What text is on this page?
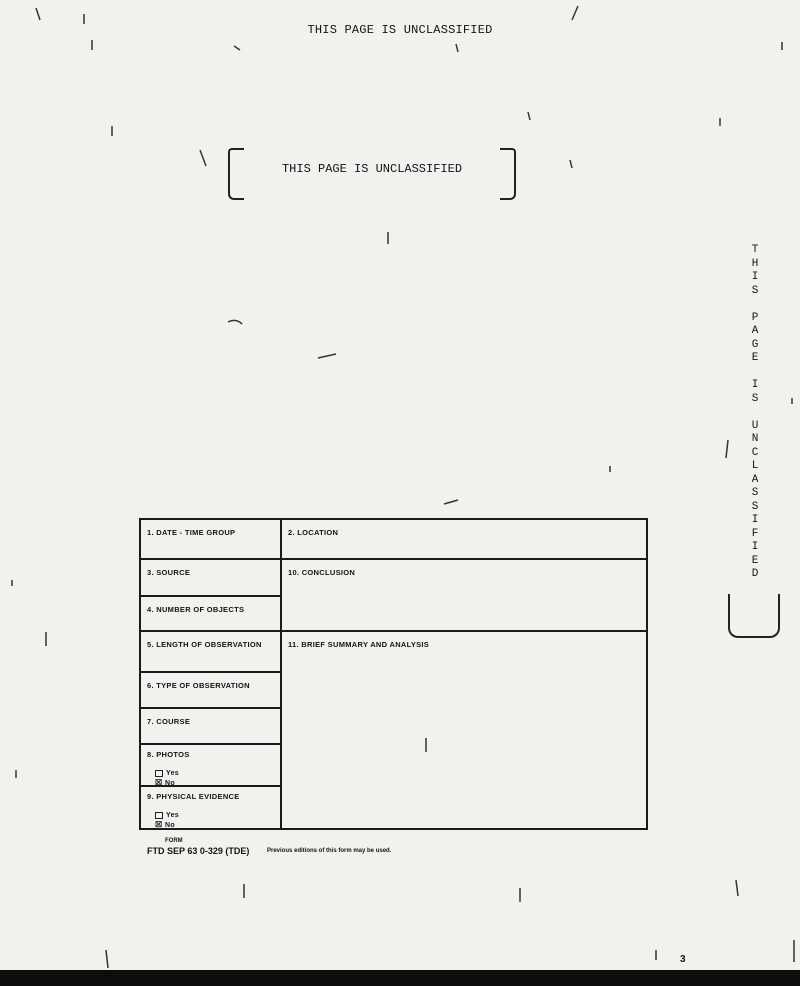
THIS PAGE IS UNCLASSIFIED
THIS PAGE IS UNCLASSIFIED
T
H
I
S

P
A
G
E

I
S

U
N
C
L
A
S
S
I
F
I
E
D
1. DATE - TIME GROUP	2. LOCATION
3. SOURCE	10. CONCLUSION
4. NUMBER OF OBJECTS
5. LENGTH OF OBSERVATION	11. BRIEF SUMMARY AND ANALYSIS
6. TYPE OF OBSERVATION
7. COURSE
8. PHOTOS
Yes
☒ No
9. PHYSICAL EVIDENCE
Yes
☒ No
FORM
FTD SEP 63 0-329 (TDE)	Previous editions of this form may be used.
3
